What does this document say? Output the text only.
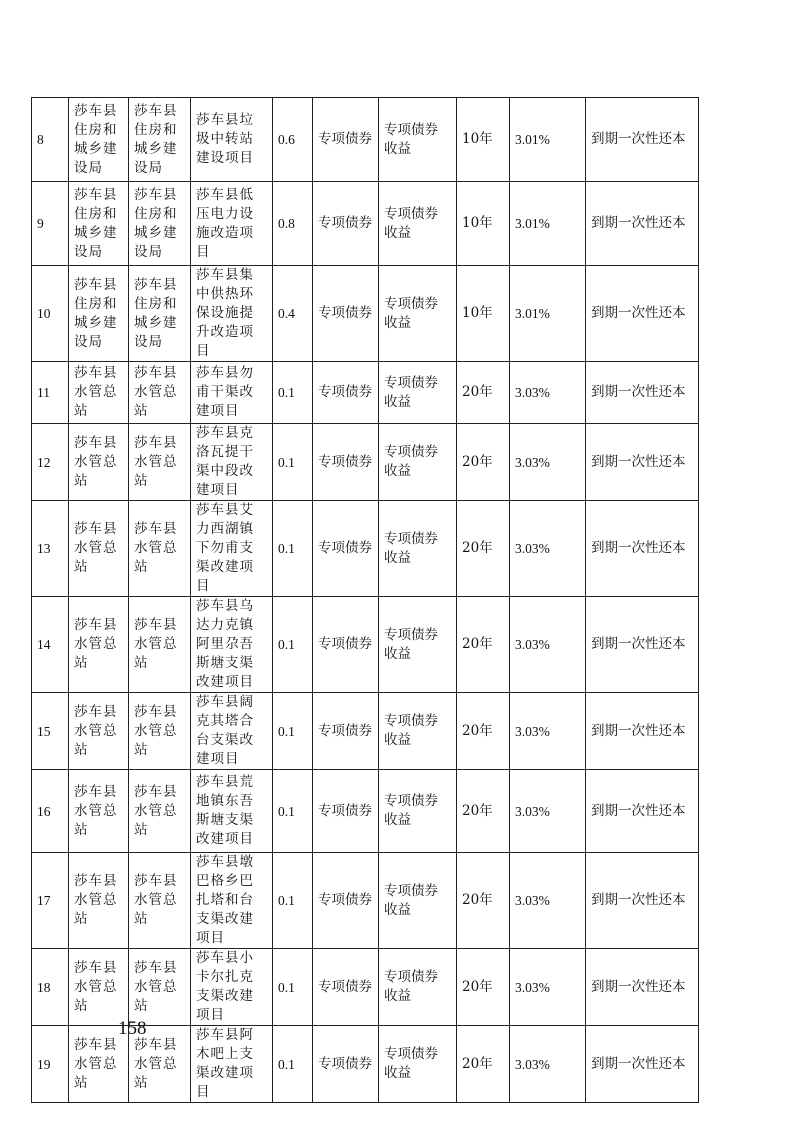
8	莎车县住房和城乡建设局	莎车县住房和城乡建设局	莎车县垃圾中转站建设项目	0.6	专项债券	专项债券收益	10年	3.01%	到期一次性还本
9	莎车县住房和城乡建设局	莎车县住房和城乡建设局	莎车县低压电力设施改造项目	0.8	专项债券	专项债券收益	10年	3.01%	到期一次性还本
10	莎车县住房和城乡建设局	莎车县住房和城乡建设局	莎车县集中供热环保设施提升改造项目	0.4	专项债券	专项债券收益	10年	3.01%	到期一次性还本
11	莎车县水管总站	莎车县水管总站	莎车县勿甫干渠改建项目	0.1	专项债券	专项债券收益	20年	3.03%	到期一次性还本
12	莎车县水管总站	莎车县水管总站	莎车县克洛瓦提干渠中段改建项目	0.1	专项债券	专项债券收益	20年	3.03%	到期一次性还本
13	莎车县水管总站	莎车县水管总站	莎车县艾力西湖镇下勿甫支渠改建项目	0.1	专项债券	专项债券收益	20年	3.03%	到期一次性还本
14	莎车县水管总站	莎车县水管总站	莎车县乌达力克镇阿里尕吾斯塘支渠改建项目	0.1	专项债券	专项债券收益	20年	3.03%	到期一次性还本
15	莎车县水管总站	莎车县水管总站	莎车县阔克其塔合台支渠改建项目	0.1	专项债券	专项债券收益	20年	3.03%	到期一次性还本
16	莎车县水管总站	莎车县水管总站	莎车县荒地镇东吾斯塘支渠改建项目	0.1	专项债券	专项债券收益	20年	3.03%	到期一次性还本
17	莎车县水管总站	莎车县水管总站	莎车县墩巴格乡巴扎塔和台支渠改建项目	0.1	专项债券	专项债券收益	20年	3.03%	到期一次性还本
18	莎车县水管总站	莎车县水管总站	莎车县小卡尔扎克支渠改建项目	0.1	专项债券	专项债券收益	20年	3.03%	到期一次性还本
19	莎车县水管总站	莎车县水管总站	莎车县阿木吧上支渠改建项目	0.1	专项债券	专项债券收益	20年	3.03%	到期一次性还本
158
